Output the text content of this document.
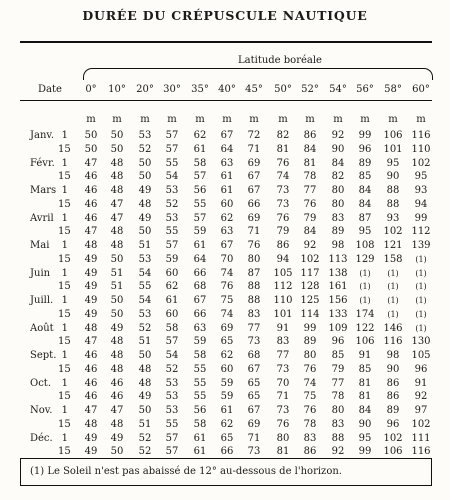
DURÉE DU CRÉPUSCULE NAUTIQUE
Latitude boréale
Date	0°	10°	20° 30°	35° 40° 45°	50° 52°	54° 56°	58°	60°
m	m	m	m	m	m	m	m	m	m	m	m	m
Janv. 1	50	50	53	57	62	67	72	82	86	92	99	106 116
15	50	50	52	57	61	64	71	81	84	90	96	101 110
Févr. 1	47	48	50	55	58	63	69	76	81	84	89	95	102
15	46	48	50	54	57	61	67	74	78	82	85	90	95
Mars 1	46	48	49	53	56	61	67	73	77	80	84	88	93
15	46	47	48	52	55	60	66	73	76	80	84	88	94
Avril 1	46	47	49	53	57	62	69	76	79	83	87	93	99
15	47	48	50	55	59	63	71	79	84	89	95	102 112
Mai	1	48	48	51	57	61	67	76	86	92	98	108 121 139
15	49	50	53	59	64	70	80	94	102 113 129 158	(1)
Juin	1	49	51	54	60	66	74	87	105 117 138	(1)	(1)	(1)
15	49	51	55	62	68	76	88	112 128 161	(1)	(1)	(1)
Juill. 1	49	50	54	61	67	75	88	110 125 156	(1)	(1)	(1)
15	49	50	53	60	66	74	83	101 114 133 174	(1)	(1)
Août 1	48	49	52	58	63	69	77	91	99	109 122 146	(1)
15	47	48	51	57	59	65	73	83	89	96	106 116 130
Sept. 1	46	48	50	54	58	62	68	77	80	85	91	98	105
15	46	48	48	52	55	60	67	73	76	79	85	90	96
Oct.	1	46	46	48	53	55	59	65	70	74	77	81	86	91
15	46	46	49	53	55	59	65	71	75	78	81	86	92
Nov. 1	47	47	50	53	56	61	67	73	76	80	84	89	97
15	48	48	51	55	58	62	69	76	78	83	90	96	102
Déc. 1	49	49	52	57	61	65	71	80	83	88	95	102 111
15	49	50	52	57	61	66	73	81	86	92	99	106 116
(1) Le Soleil n'est pas abaissé de 12° au-dessous de l'horizon.
